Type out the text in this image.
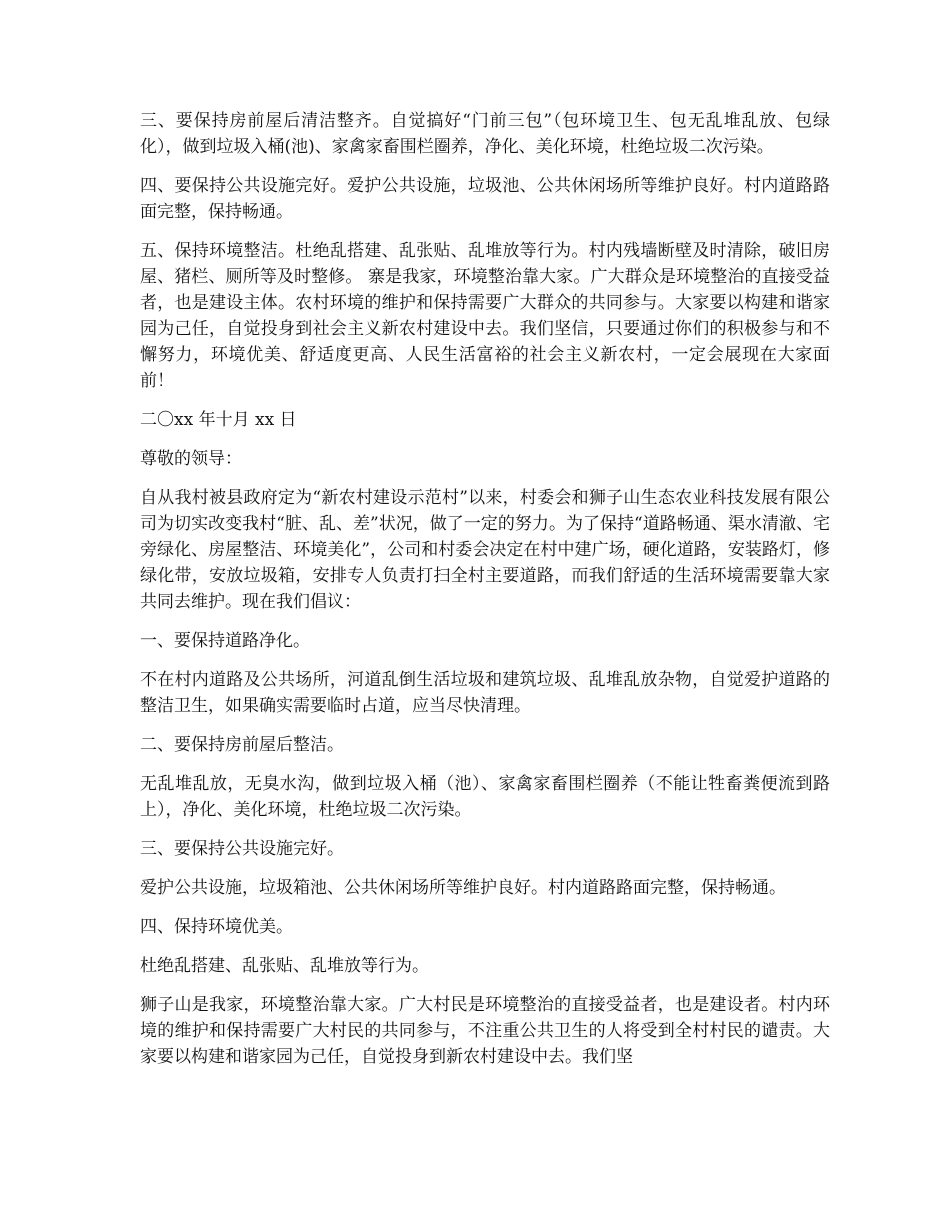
三、要保持房前屋后清洁整齐。自觉搞好“门前三包”（包环境卫生、包无乱堆乱放、包绿化），做到垃圾入桶(池)、家禽家畜围栏圈养，净化、美化环境，杜绝垃圾二次污染。

四、要保持公共设施完好。爱护公共设施，垃圾池、公共休闲场所等维护良好。村内道路路面完整，保持畅通。

五、保持环境整洁。杜绝乱搭建、乱张贴、乱堆放等行为。村内残墙断壁及时清除，破旧房屋、猪栏、厕所等及时整修。 寨是我家，环境整治靠大家。广大群众是环境整治的直接受益者，也是建设主体。农村环境的维护和保持需要广大群众的共同参与。大家要以构建和谐家园为己任，自觉投身到社会主义新农村建设中去。我们坚信，只要通过你们的积极参与和不懈努力，环境优美、舒适度更高、人民生活富裕的社会主义新农村，一定会展现在大家面前！

二〇xx 年十月 xx 日

尊敬的领导：

自从我村被县政府定为“新农村建设示范村”以来，村委会和狮子山生态农业科技发展有限公司为切实改变我村“脏、乱、差”状况，做了一定的努力。为了保持“道路畅通、渠水清澈、宅旁绿化、房屋整洁、环境美化”，公司和村委会决定在村中建广场，硬化道路，安装路灯，修绿化带，安放垃圾箱，安排专人负责打扫全村主要道路，而我们舒适的生活环境需要靠大家共同去维护。现在我们倡议：

一、要保持道路净化。

不在村内道路及公共场所，河道乱倒生活垃圾和建筑垃圾、乱堆乱放杂物，自觉爱护道路的整洁卫生，如果确实需要临时占道，应当尽快清理。

二、要保持房前屋后整洁。

无乱堆乱放，无臭水沟，做到垃圾入桶（池）、家禽家畜围栏圈养（不能让牲畜粪便流到路上），净化、美化环境，杜绝垃圾二次污染。

三、要保持公共设施完好。

爱护公共设施，垃圾箱池、公共休闲场所等维护良好。村内道路路面完整，保持畅通。

四、保持环境优美。

杜绝乱搭建、乱张贴、乱堆放等行为。

狮子山是我家，环境整治靠大家。广大村民是环境整治的直接受益者，也是建设者。村内环境的维护和保持需要广大村民的共同参与，不注重公共卫生的人将受到全村村民的谴责。大家要以构建和谐家园为己任，自觉投身到新农村建设中去。我们坚
